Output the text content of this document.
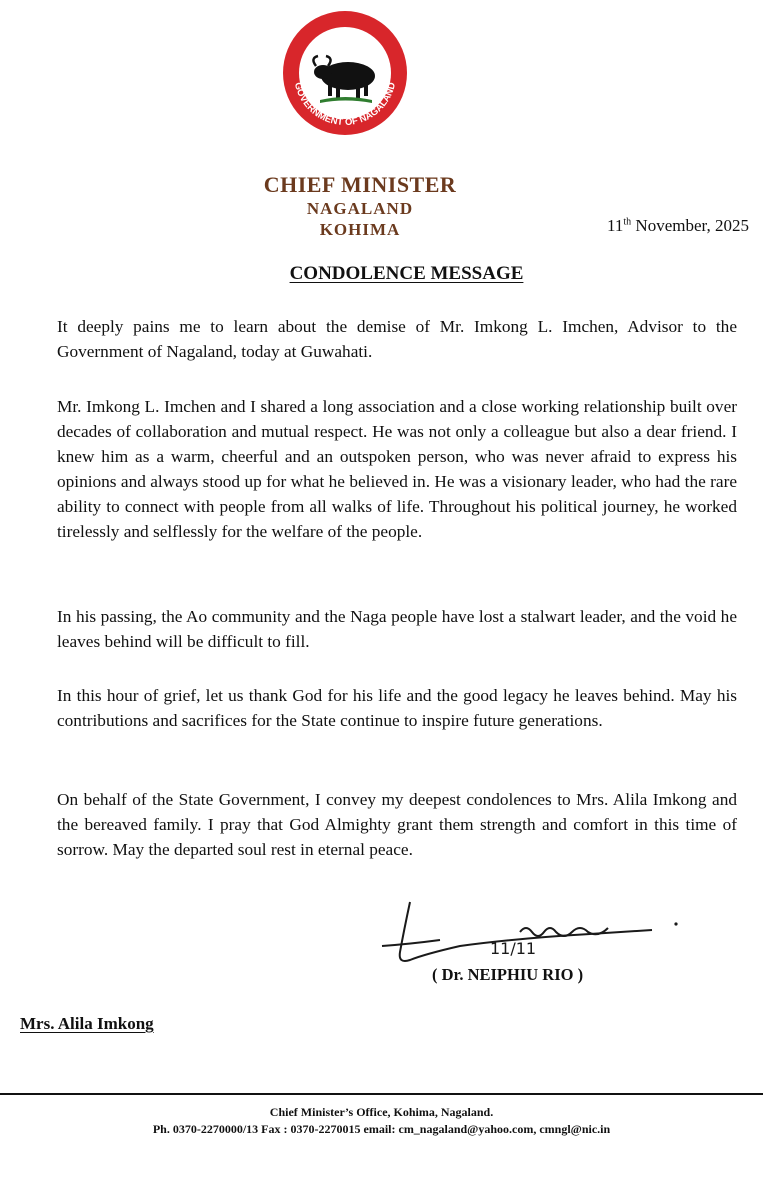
UNITY
GOVERNMENT OF NAGALAND
CHIEF MINISTER
NAGALAND
KOHIMA	11th November, 2025
CONDOLENCE MESSAGE

It deeply pains me to learn about the demise of Mr. Imkong L. Imchen, Advisor to the Government of Nagaland, today at Guwahati.

Mr. Imkong L. Imchen and I shared a long association and a close working relationship built over decades of collaboration and mutual respect. He was not only a colleague but also a dear friend. I knew him as a warm, cheerful and an outspoken person, who was never afraid to express his opinions and always stood up for what he believed in. He was a visionary leader, who had the rare ability to connect with people from all walks of life. Throughout his political journey, he worked tirelessly and selflessly for the welfare of the people.

In his passing, the Ao community and the Naga people have lost a stalwart leader, and the void he leaves behind will be difficult to fill.

In this hour of grief, let us thank God for his life and the good legacy he leaves behind. May his contributions and sacrifices for the State continue to inspire future generations.

On behalf of the State Government, I convey my deepest condolences to Mrs. Alila Imkong and the bereaved family. I pray that God Almighty grant them strength and comfort in this time of sorrow. May the departed soul rest in eternal peace.

11/11
( Dr. NEIPHIU RIO )
Mrs. Alila Imkong
Chief Minister’s Office, Kohima, Nagaland.
Ph. 0370-2270000/13 Fax : 0370-2270015 email: cm_nagaland@yahoo.com, cmngl@nic.in
